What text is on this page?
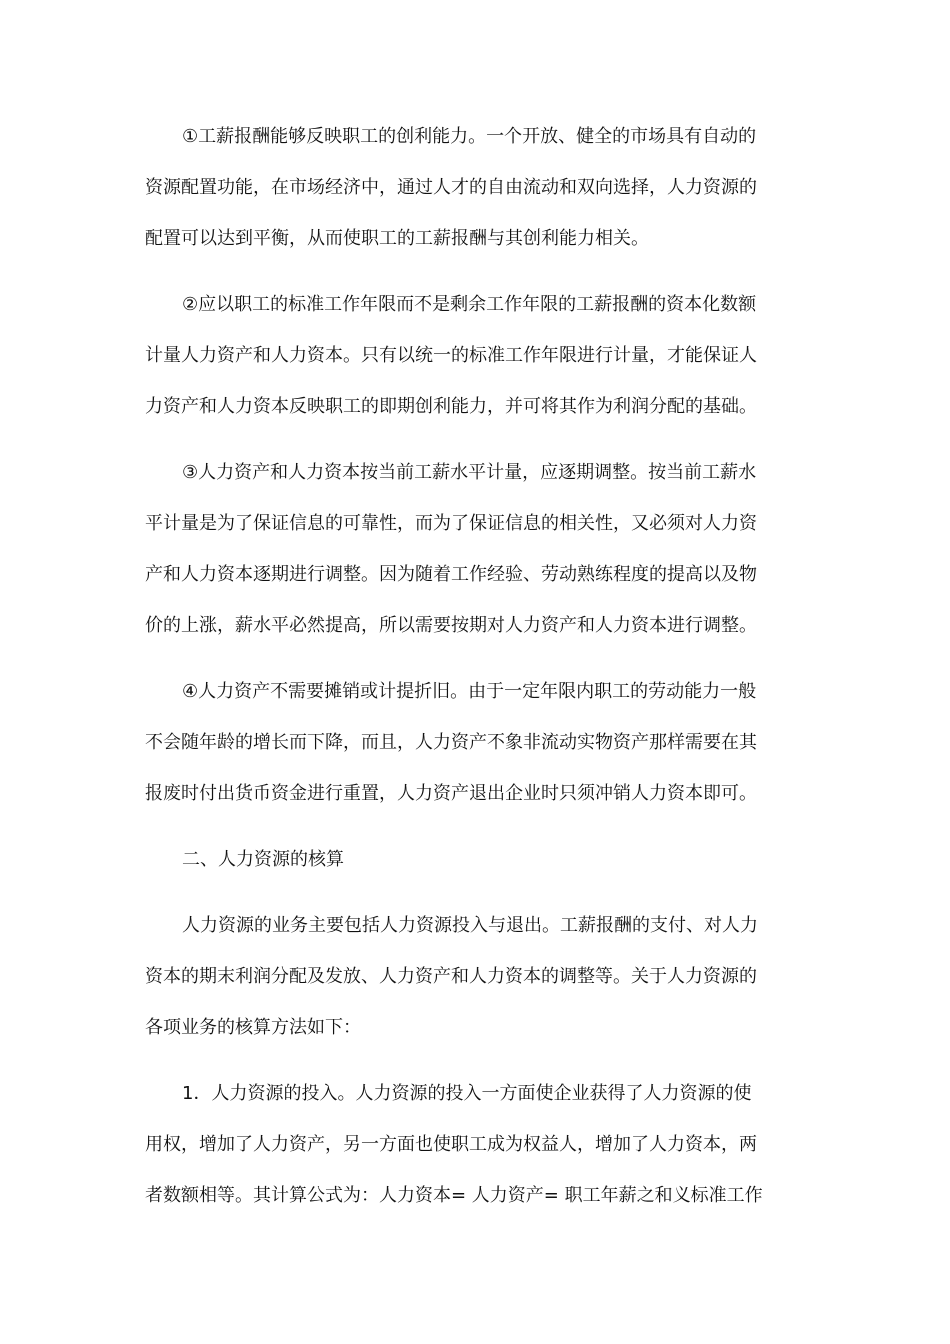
①工薪报酬能够反映职工的创利能力。一个开放、健全的市场具有自动的
资源配置功能，在市场经济中，通过人才的自由流动和双向选择，人力资源的
配置可以达到平衡，从而使职工的工薪报酬与其创利能力相关。
②应以职工的标准工作年限而不是剩余工作年限的工薪报酬的资本化数额
计量人力资产和人力资本。只有以统一的标准工作年限进行计量，才能保证人
力资产和人力资本反映职工的即期创利能力，并可将其作为利润分配的基础。
③人力资产和人力资本按当前工薪水平计量，应逐期调整。按当前工薪水
平计量是为了保证信息的可靠性，而为了保证信息的相关性，又必须对人力资
产和人力资本逐期进行调整。因为随着工作经验、劳动熟练程度的提高以及物
价的上涨，薪水平必然提高，所以需要按期对人力资产和人力资本进行调整。
④人力资产不需要摊销或计提折旧。由于一定年限内职工的劳动能力一般
不会随年龄的增长而下降，而且，人力资产不象非流动实物资产那样需要在其
报废时付出货币资金进行重置，人力资产退出企业时只须冲销人力资本即可。
二、人力资源的核算
人力资源的业务主要包括人力资源投入与退出。工薪报酬的支付、对人力
资本的期末利润分配及发放、人力资产和人力资本的调整等。关于人力资源的
各项业务的核算方法如下：
1．人力资源的投入。人力资源的投入一方面使企业获得了人力资源的使
用权，增加了人力资产，另一方面也使职工成为权益人，增加了人力资本，两
者数额相等。其计算公式为：人力资本= 人力资产= 职工年薪之和义标准工作
